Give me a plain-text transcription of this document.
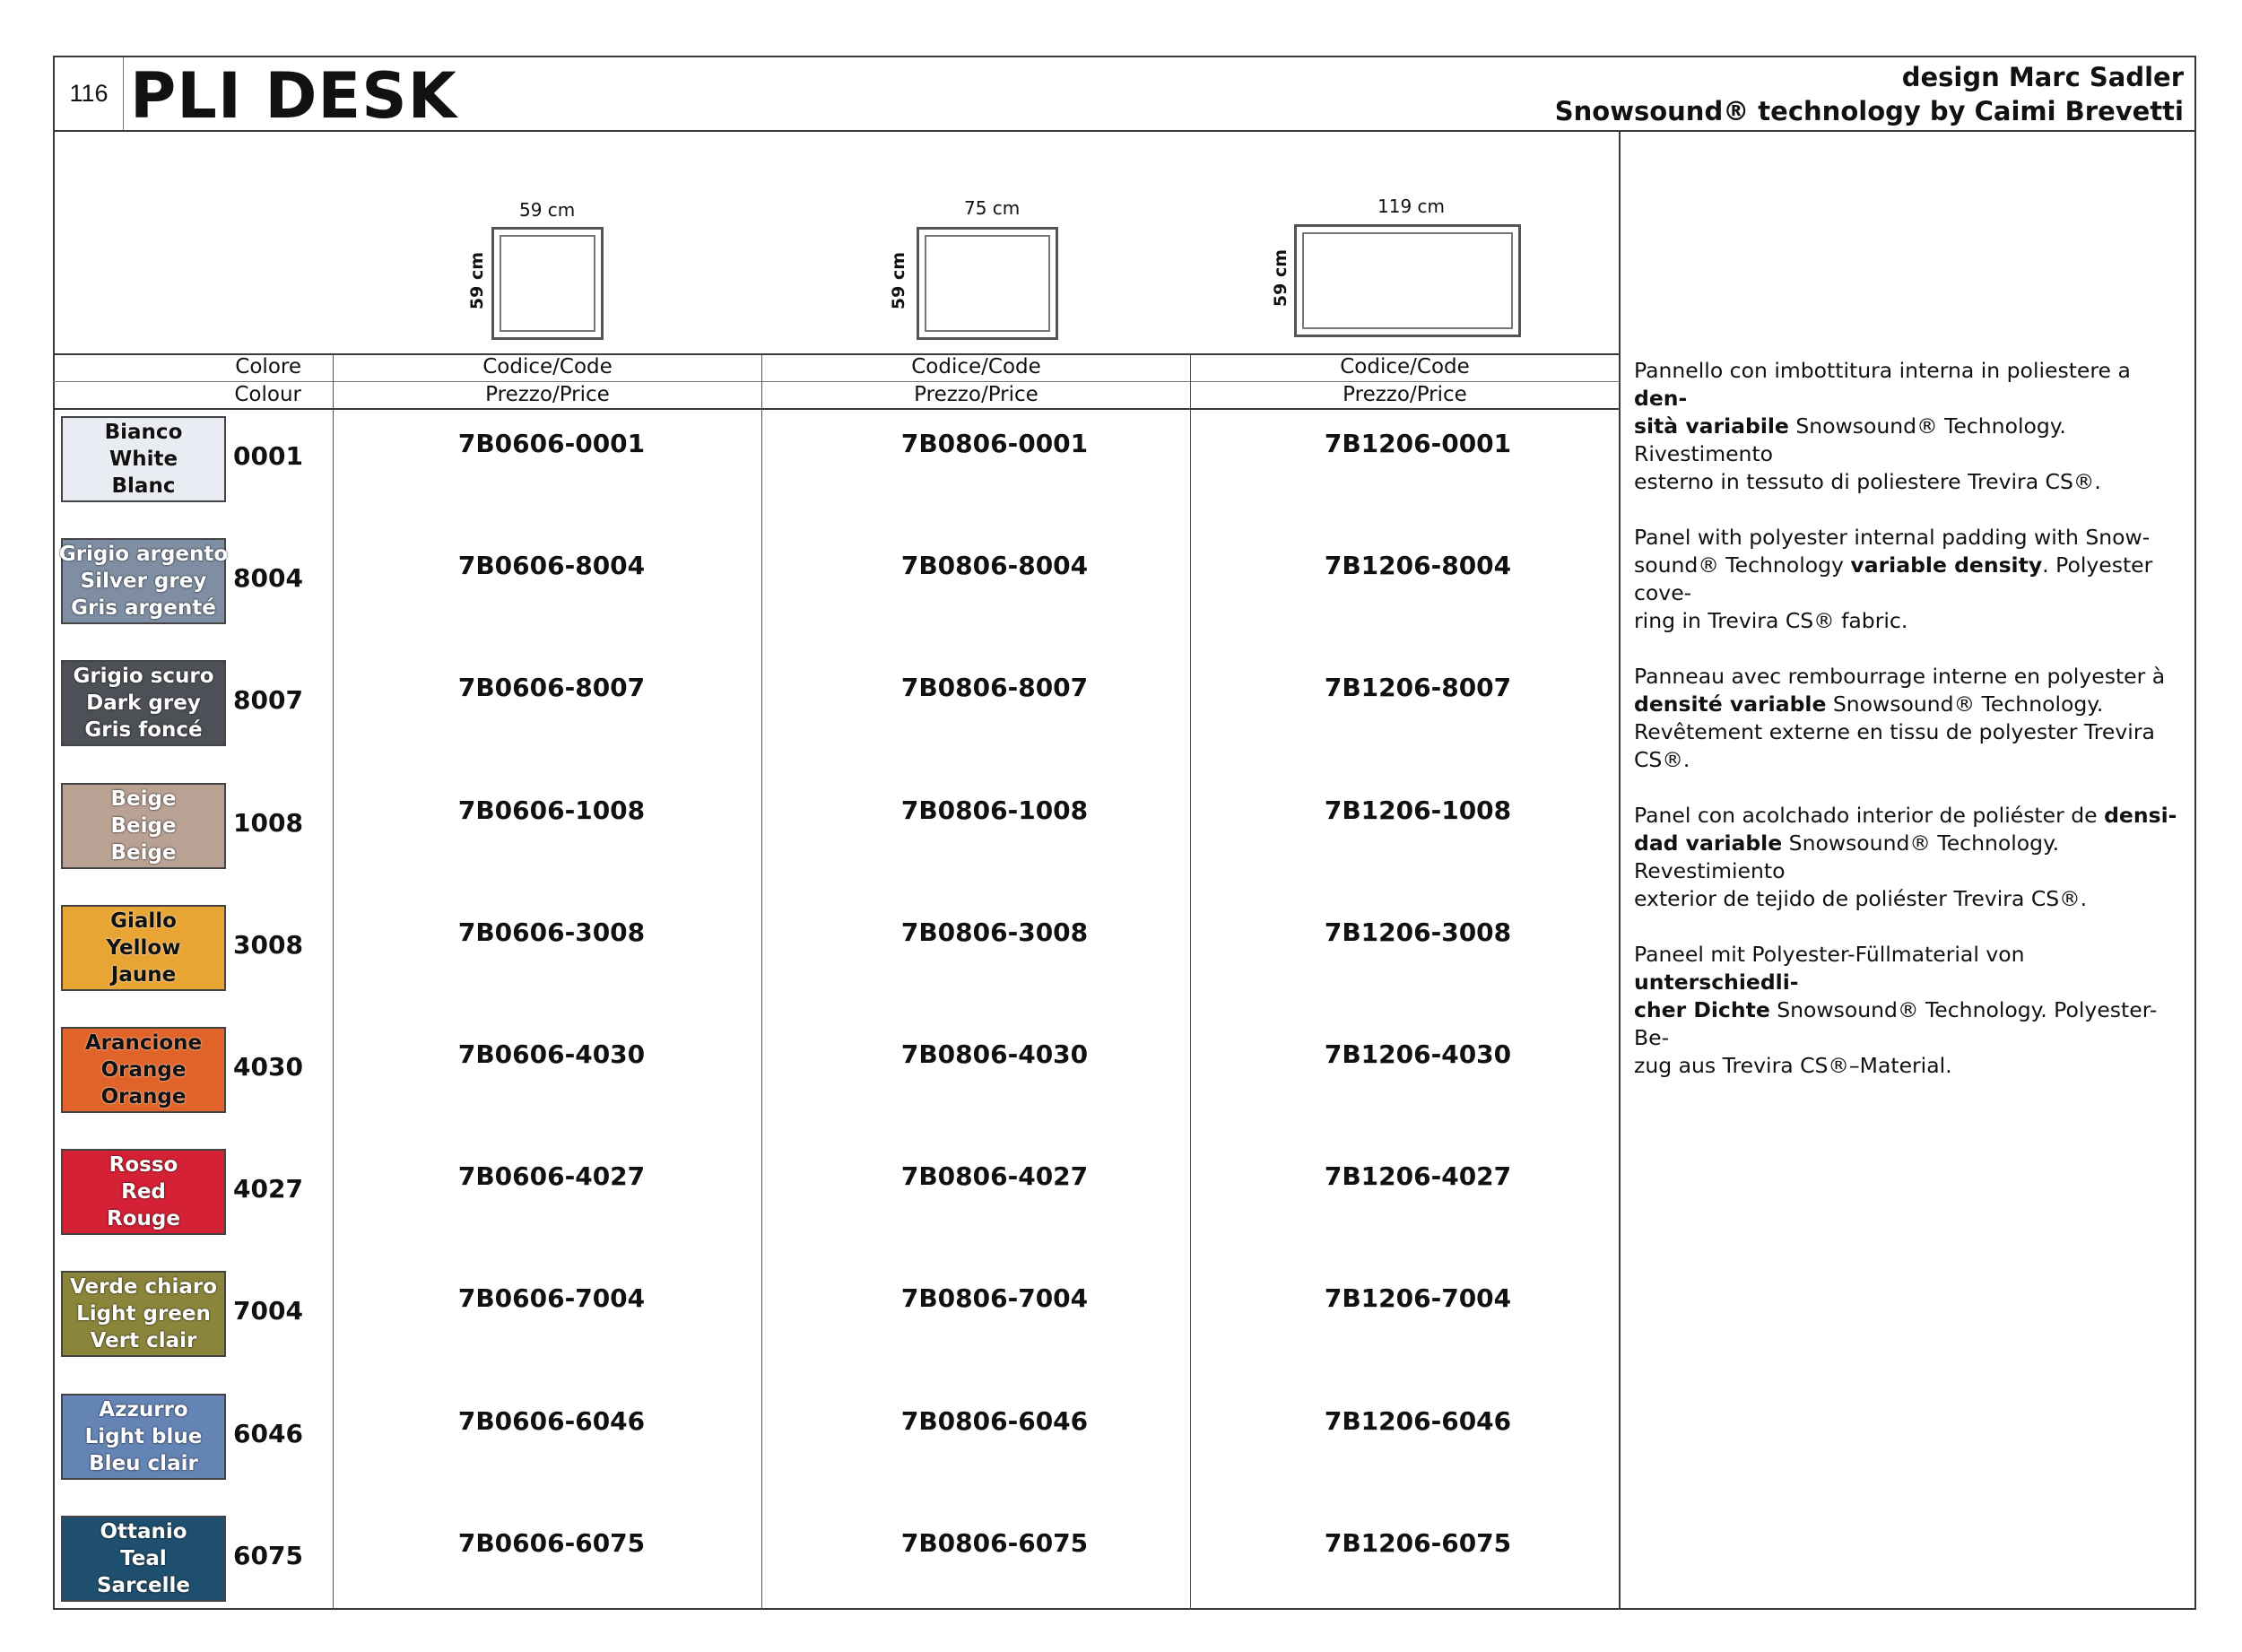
116 PLI DESK	design Marc Sadler
Snowsound® technology by Caimi Brevetti
59 cm
59 cm
75 cm
59 cm
119 cm
59 cm
Colore
Colour
Codice/Code
Prezzo/Price
Codice/Code
Prezzo/Price
Codice/Code
Prezzo/Price
Bianco
White
Blanc
0001	7B0606-0001	7B0806-0001	7B1206-0001
Grigio argento
Silver grey
Gris argenté
8004	7B0606-8004	7B0806-8004	7B1206-8004
Grigio scuro
Dark grey
Gris foncé
8007	7B0606-8007	7B0806-8007	7B1206-8007
Beige
Beige
Beige
1008	7B0606-1008	7B0806-1008	7B1206-1008
Giallo
Yellow
Jaune
3008	7B0606-3008	7B0806-3008	7B1206-3008
Arancione
Orange
Orange
4030	7B0606-4030	7B0806-4030	7B1206-4030
Rosso
Red
Rouge
4027	7B0606-4027	7B0806-4027	7B1206-4027
Verde chiaro
Light green
Vert clair
7004	7B0606-7004	7B0806-7004	7B1206-7004
Azzurro
Light blue
Bleu clair
6046	7B0606-6046	7B0806-6046	7B1206-6046
Ottanio
Teal
Sarcelle
6075	7B0606-6075	7B0806-6075	7B1206-6075

Pannello con imbottitura interna in poliestere a den-
sità variabile Snowsound® Technology. Rivestimento
esterno in tessuto di poliestere Trevira CS®.

Panel with polyester internal padding with Snow-
sound® Technology variable density. Polyester cove-
ring in Trevira CS® fabric.

Panneau avec rembourrage interne en polyester à
densité variable Snowsound® Technology.
Revêtement externe en tissu de polyester Trevira CS®.

Panel con acolchado interior de poliéster de densi-
dad variable Snowsound® Technology. Revestimiento
exterior de tejido de poliéster Trevira CS®.

Paneel mit Polyester-Füllmaterial von unterschiedli-
cher Dichte Snowsound® Technology. Polyester-Be-
zug aus Trevira CS®–Material.
